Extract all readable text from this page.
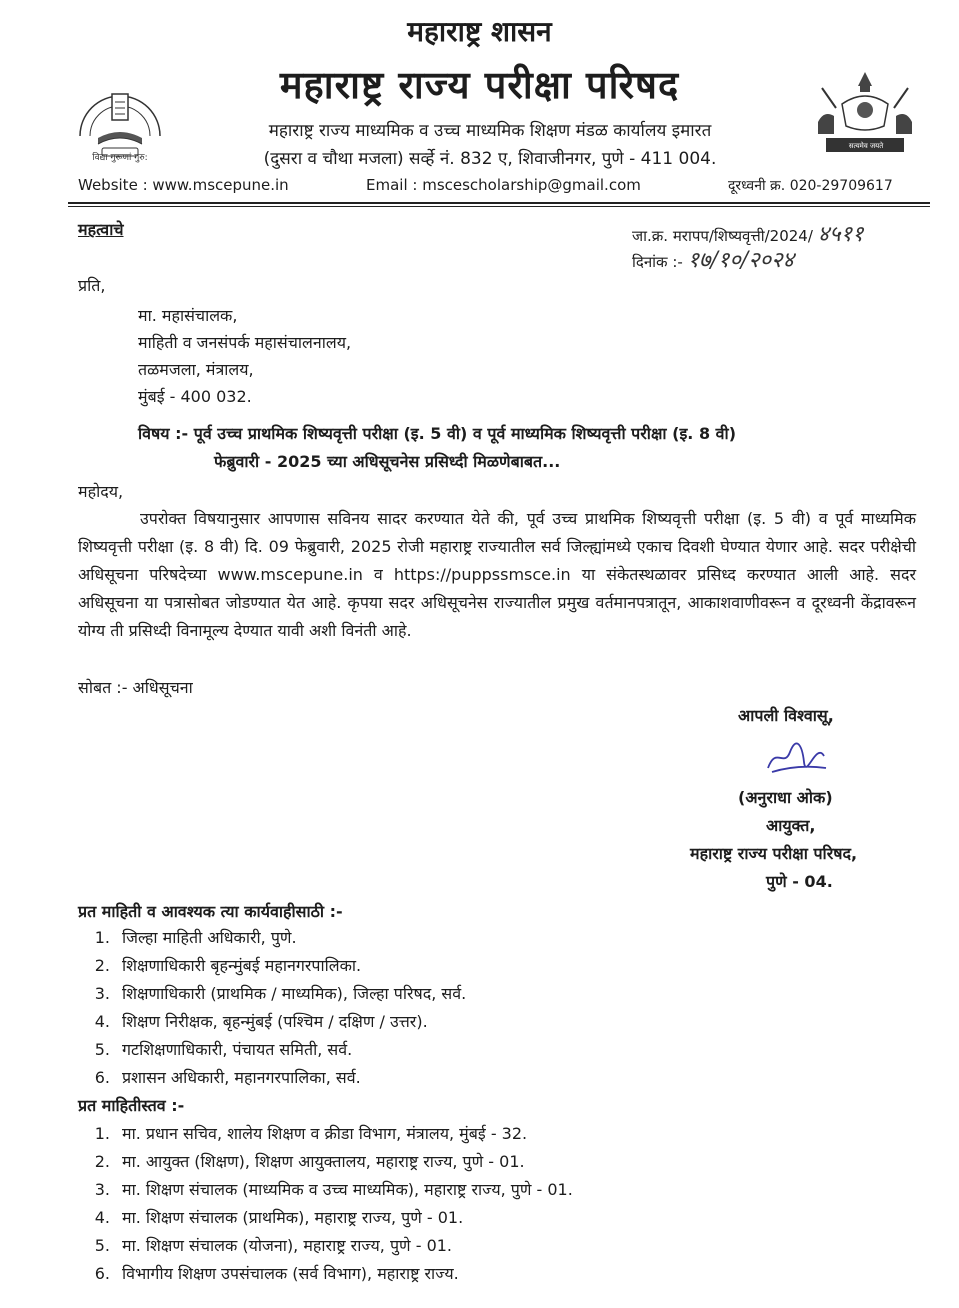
महाराष्ट्र शासन
महाराष्ट्र राज्य परीक्षा परिषद
महाराष्ट्र राज्य माध्यमिक व उच्च माध्यमिक शिक्षण मंडळ कार्यालय इमारत
(दुसरा व चौथा मजला) सर्व्हे नं. 832 ए, शिवाजीनगर, पुणे - 411 004.
विद्या गुरूणां गुरु:
सत्यमेव जयते
Website : www.mscepune.in	Email : mscescholarship@gmail.com	दूरध्वनी क्र. 020-29709617
महत्वाचे	जा.क्र. मरापप/शिष्यवृत्ती/2024/ ४५११
दिनांक :- १७/१०/२०२४
प्रति,
मा. महासंचालक,
माहिती व जनसंपर्क महासंचालनालय,
तळमजला, मंत्रालय,
मुंबई - 400 032.
विषय :- पूर्व उच्च प्राथमिक शिष्यवृत्ती परीक्षा (इ. 5 वी) व पूर्व माध्यमिक शिष्यवृत्ती परीक्षा (इ. 8 वी)
फेब्रुवारी - 2025 च्या अधिसूचनेस प्रसिध्दी मिळणेबाबत...
महोदय,
उपरोक्त विषयानुसार आपणास सविनय सादर करण्यात येते की, पूर्व उच्च प्राथमिक शिष्यवृत्ती परीक्षा (इ. 5 वी) व पूर्व माध्यमिक शिष्यवृत्ती परीक्षा (इ. 8 वी) दि. 09 फेब्रुवारी, 2025 रोजी महाराष्ट्र राज्यातील सर्व जिल्ह्यांमध्ये एकाच दिवशी घेण्यात येणार आहे. सदर परीक्षेची अधिसूचना परिषदेच्या www.mscepune.in व https://puppssmsce.in या संकेतस्थळावर प्रसिध्द करण्यात आली आहे. सदर अधिसूचना या पत्रासोबत जोडण्यात येत आहे. कृपया सदर अधिसूचनेस राज्यातील प्रमुख वर्तमानपत्रातून, आकाशवाणीवरून व दूरध्वनी केंद्रावरून योग्य ती प्रसिध्दी विनामूल्य देण्यात यावी अशी विनंती आहे.
सोबत :- अधिसूचना
आपली विश्वासू,
(अनुराधा ओक)
आयुक्त,
महाराष्ट्र राज्य परीक्षा परिषद,
पुणे - 04.
प्रत माहिती व आवश्यक त्या कार्यवाहीसाठी :-
1. जिल्हा माहिती अधिकारी, पुणे.
2. शिक्षणाधिकारी बृहन्मुंबई महानगरपालिका.
3. शिक्षणाधिकारी (प्राथमिक / माध्यमिक), जिल्हा परिषद, सर्व.
4. शिक्षण निरीक्षक, बृहन्मुंबई (पश्चिम / दक्षिण / उत्तर).
5. गटशिक्षणाधिकारी, पंचायत समिती, सर्व.
6. प्रशासन अधिकारी, महानगरपालिका, सर्व.
प्रत माहितीस्तव :-
1. मा. प्रधान सचिव, शालेय शिक्षण व क्रीडा विभाग, मंत्रालय, मुंबई - 32.
2. मा. आयुक्त (शिक्षण), शिक्षण आयुक्तालय, महाराष्ट्र राज्य, पुणे - 01.
3. मा. शिक्षण संचालक (माध्यमिक व उच्च माध्यमिक), महाराष्ट्र राज्य, पुणे - 01.
4. मा. शिक्षण संचालक (प्राथमिक), महाराष्ट्र राज्य, पुणे - 01.
5. मा. शिक्षण संचालक (योजना), महाराष्ट्र राज्य, पुणे - 01.
6. विभागीय शिक्षण उपसंचालक (सर्व विभाग), महाराष्ट्र राज्य.
